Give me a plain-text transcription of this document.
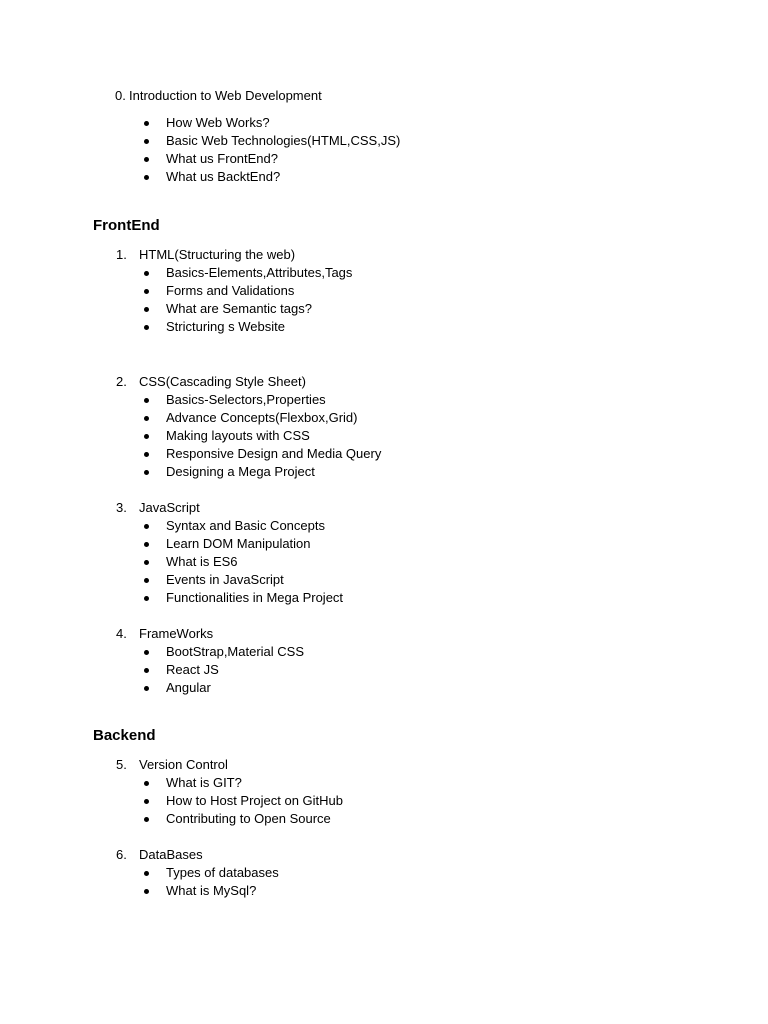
0. Introduction to Web Development
How Web Works?
Basic Web Technologies(HTML,CSS,JS)
What us FrontEnd?
What us BacktEnd?
FrontEnd
1. HTML(Structuring the web)
Basics-Elements,Attributes,Tags
Forms and Validations
What are Semantic tags?
Stricturing s Website
2. CSS(Cascading Style Sheet)
Basics-Selectors,Properties
Advance Concepts(Flexbox,Grid)
Making layouts with CSS
Responsive Design and Media Query
Designing a Mega Project
3. JavaScript
Syntax and Basic Concepts
Learn DOM Manipulation
What is ES6
Events in JavaScript
Functionalities in Mega Project
4. FrameWorks
BootStrap,Material CSS
React JS
Angular
Backend
5. Version Control
What is GIT?
How to Host Project on GitHub
Contributing to Open Source
6. DataBases
Types of databases
What is MySql?
